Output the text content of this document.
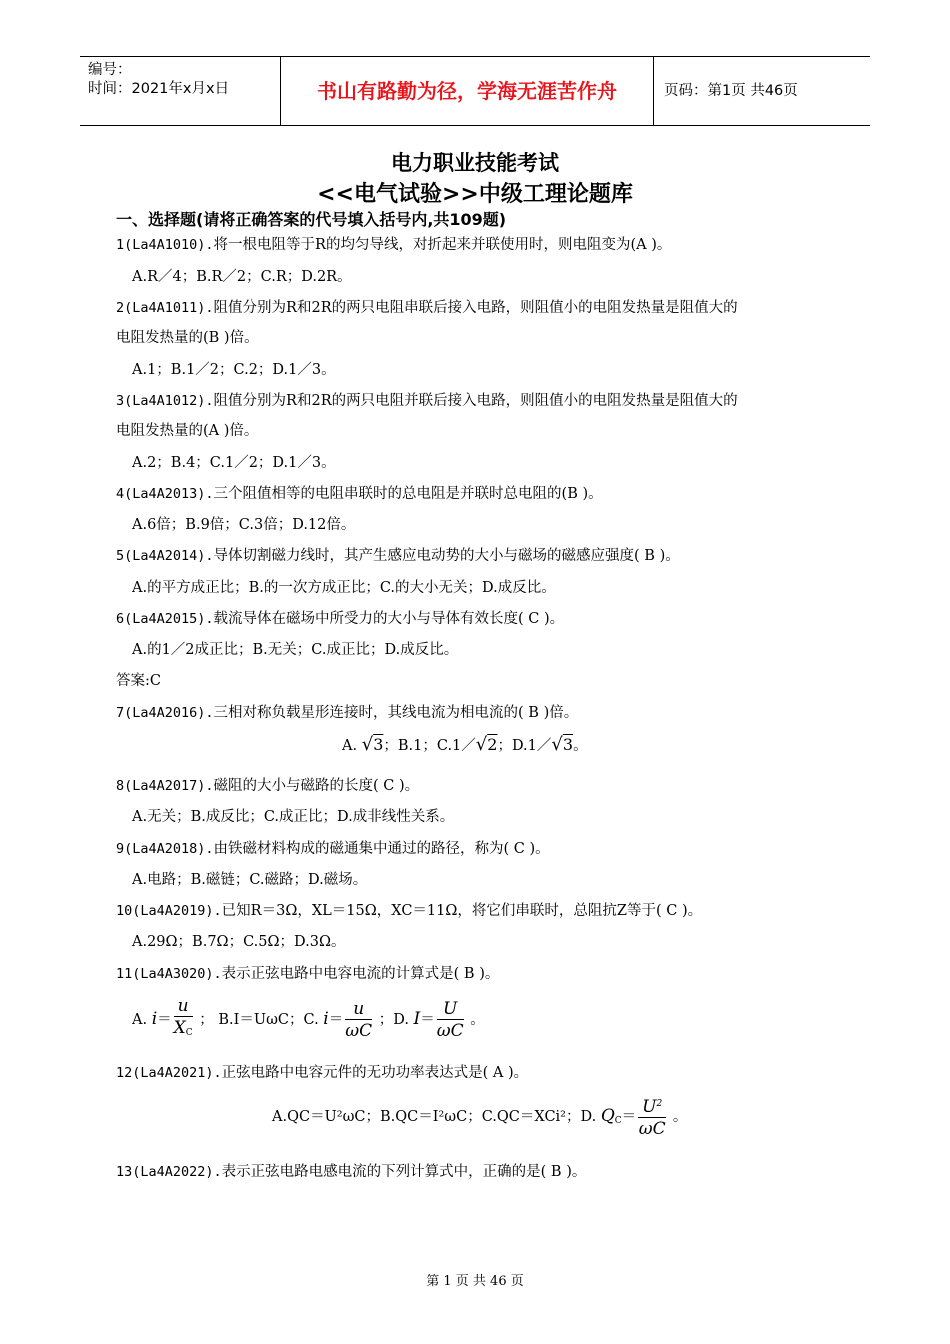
编号：
时间：2021年x月x日	书山有路勤为径，学海无涯苦作舟	页码：第1页 共46页
电力职业技能考试
<<电气试验>>中级工理论题库
一、选择题(请将正确答案的代号填入括号内,共109题)
1(La4A1010).将一根电阻等于R的均匀导线，对折起来并联使用时，则电阻变为(A )。
A.R／4；B.R／2；C.R；D.2R。
2(La4A1011).阻值分别为R和2R的两只电阻串联后接入电路，则阻值小的电阻发热量是阻值大的
电阻发热量的(B )倍。
A.1；B.1／2；C.2；D.1／3。
3(La4A1012).阻值分别为R和2R的两只电阻并联后接入电路，则阻值小的电阻发热量是阻值大的
电阻发热量的(A )倍。
A.2；B.4；C.1／2；D.1／3。
4(La4A2013).三个阻值相等的电阻串联时的总电阻是并联时总电阻的(B )。
A.6倍；B.9倍；C.3倍；D.12倍。
5(La4A2014).导体切割磁力线时，其产生感应电动势的大小与磁场的磁感应强度( B )。
A.的平方成正比；B.的一次方成正比；C.的大小无关；D.成反比。
6(La4A2015).载流导体在磁场中所受力的大小与导体有效长度( C )。
A.的1／2成正比；B.无关；C.成正比；D.成反比。
答案:C
7(La4A2016).三相对称负载星形连接时，其线电流为相电流的( B )倍。
A. √3；B.1；C.1／√2；D.1／√3。
8(La4A2017).磁阻的大小与磁路的长度( C )。
A.无关；B.成反比；C.成正比；D.成非线性关系。
9(La4A2018).由铁磁材料构成的磁通集中通过的路径，称为( C )。
A.电路；B.磁链；C.磁路；D.磁场。
10(La4A2019).已知R＝3Ω，XL＝15Ω，XC＝11Ω，将它们串联时，总阻抗Z等于( C )。
A.29Ω；B.7Ω；C.5Ω；D.3Ω。
11(La4A3020).表示正弦电路中电容电流的计算式是( B )。
A. $i= \frac{u}{X_C}$ ； B.I＝UωC；C. $i= \frac{u}{\omega C}$ ；D. $I= \frac{U}{\omega C}$ 。
12(La4A2021).正弦电路中电容元件的无功功率表达式是( A )。
A.QC＝U²ωC；B.QC＝I²ωC；C.QC＝XCi²；D. $Q_C= \frac{U^2}{\omega C}$ 。
13(La4A2022).表示正弦电路电感电流的下列计算式中，正确的是( B )。
第 1 页 共 46 页
